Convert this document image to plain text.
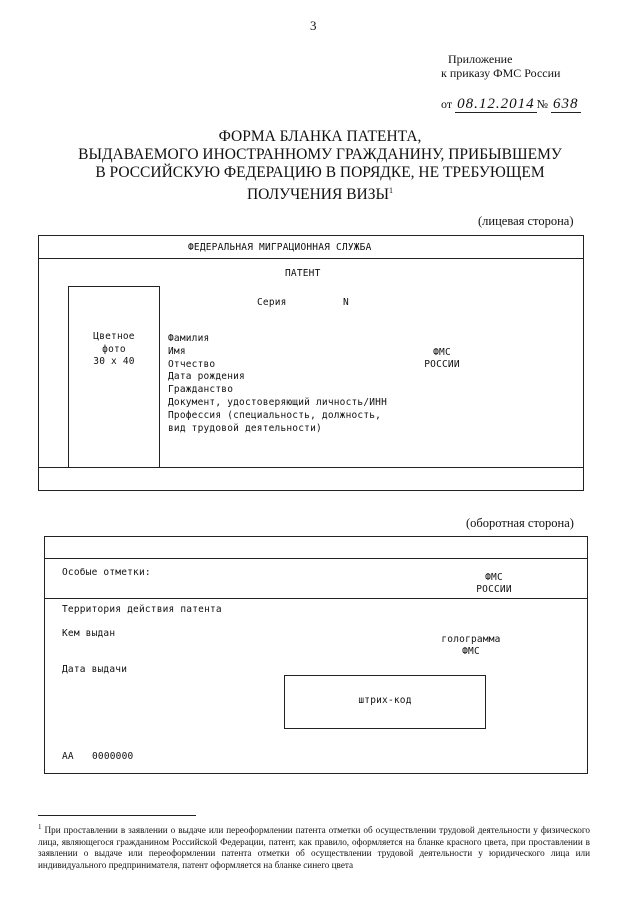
3
Приложение
к приказу ФМС России
от 08.12.2014 № 638
ФОРМА БЛАНКА ПАТЕНТА,
ВЫДАВАЕМОГО ИНОСТРАННОМУ ГРАЖДАНИНУ, ПРИБЫВШЕМУ
В РОССИЙСКУЮ ФЕДЕРАЦИЮ В ПОРЯДКЕ, НЕ ТРЕБУЮЩЕМ
ПОЛУЧЕНИЯ ВИЗЫ$^1$
(лицевая сторона)
ФЕДЕРАЛЬНАЯ МИГРАЦИОННАЯ СЛУЖБА
ПАТЕНТ
Серия	N
Цветное
фото
30 х 40
Фамилия
Имя
Отчество
Дата рождения
Гражданство
Документ, удостоверяющий личность/ИНН
Профессия (специальность, должность,
вид трудовой деятельности)
ФМС
РОССИИ
(оборотная сторона)
Особые отметки:	ФМС
РОССИИ
Территория действия патента
Кем выдан
голограмма
ФМС
Дата выдачи
штрих-код
АА 0000000
$^1$ При проставлении в заявлении о выдаче или переоформлении патента отметки об осуществлении трудовой деятельности у физического лица, являющегося гражданином Российской Федерации, патент, как правило, оформляется на бланке красного цвета, при проставлении в заявлении о выдаче или переоформлении патента отметки об осуществлении трудовой деятельности у юридического лица или индивидуального предпринимателя, патент оформляется на бланке синего цвета
